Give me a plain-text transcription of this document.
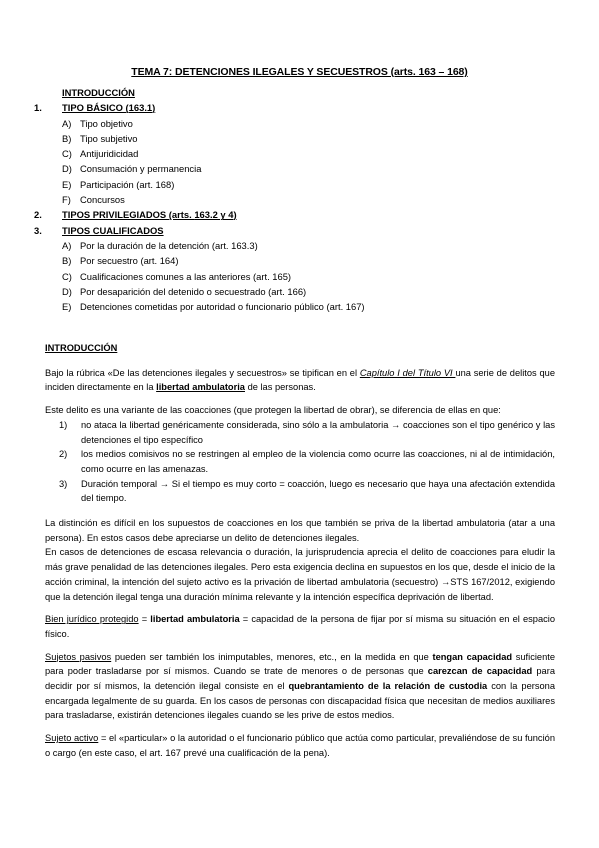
TEMA 7: DETENCIONES ILEGALES Y SECUESTROS (arts. 163 – 168)
INTRODUCCIÓN
1. TIPO BÁSICO (163.1)
A) Tipo objetivo
B) Tipo subjetivo
C) Antijuridicidad
D) Consumación y permanencia
E) Participación (art. 168)
F) Concursos
2. TIPOS PRIVILEGIADOS (arts. 163.2 y 4)
3. TIPOS CUALIFICADOS
A) Por la duración de la detención (art. 163.3)
B) Por secuestro (art. 164)
C) Cualificaciones comunes a las anteriores (art. 165)
D) Por desaparición del detenido o secuestrado (art. 166)
E) Detenciones cometidas por autoridad o funcionario público (art. 167)

INTRODUCCIÓN

Bajo la rúbrica «De las detenciones ilegales y secuestros» se tipifican en el Capítulo I del Título VI una serie de delitos que inciden directamente en la libertad ambulatoria de las personas.

Este delito es una variante de las coacciones (que protegen la libertad de obrar), se diferencia de ellas en que:

1)	no ataca la libertad genéricamente considerada, sino sólo a la ambulatoria → coacciones son el tipo genérico y las detenciones el tipo específico
2)	los medios comisivos no se restringen al empleo de la violencia como ocurre las coacciones, ni al de intimidación, como ocurre en las amenazas.
3)	Duración temporal → Si el tiempo es muy corto = coacción, luego es necesario que haya una afectación extendida del tiempo.

La distinción es difícil en los supuestos de coacciones en los que también se priva de la libertad ambulatoria (atar a una persona). En estos casos debe apreciarse un delito de detenciones ilegales.

En casos de detenciones de escasa relevancia o duración, la jurisprudencia aprecia el delito de coacciones para eludir la más grave penalidad de las detenciones ilegales. Pero esta exigencia declina en supuestos en los que, desde el inicio de la acción criminal, la intención del sujeto activo es la privación de libertad ambulatoria (secuestro) →STS 167/2012, exigiendo que la detención ilegal tenga una duración mínima relevante y la intención específica deprivación de libertad.

Bien jurídico protegido = libertad ambulatoria = capacidad de la persona de fijar por sí misma su situación en el espacio físico.

Sujetos pasivos pueden ser también los inimputables, menores, etc., en la medida en que tengan capacidad suficiente para poder trasladarse por sí mismos. Cuando se trate de menores o de personas que carezcan de capacidad para decidir por sí mismos, la detención ilegal consiste en el quebrantamiento de la relación de custodia con la persona encargada legalmente de su guarda. En los casos de personas con discapacidad física que necesitan de medios auxiliares para trasladarse, existirán detenciones ilegales cuando se les prive de estos medios.

Sujeto activo = el «particular» o la autoridad o el funcionario público que actúa como particular, prevaliéndose de su función o cargo (en este caso, el art. 167 prevé una cualificación de la pena).
